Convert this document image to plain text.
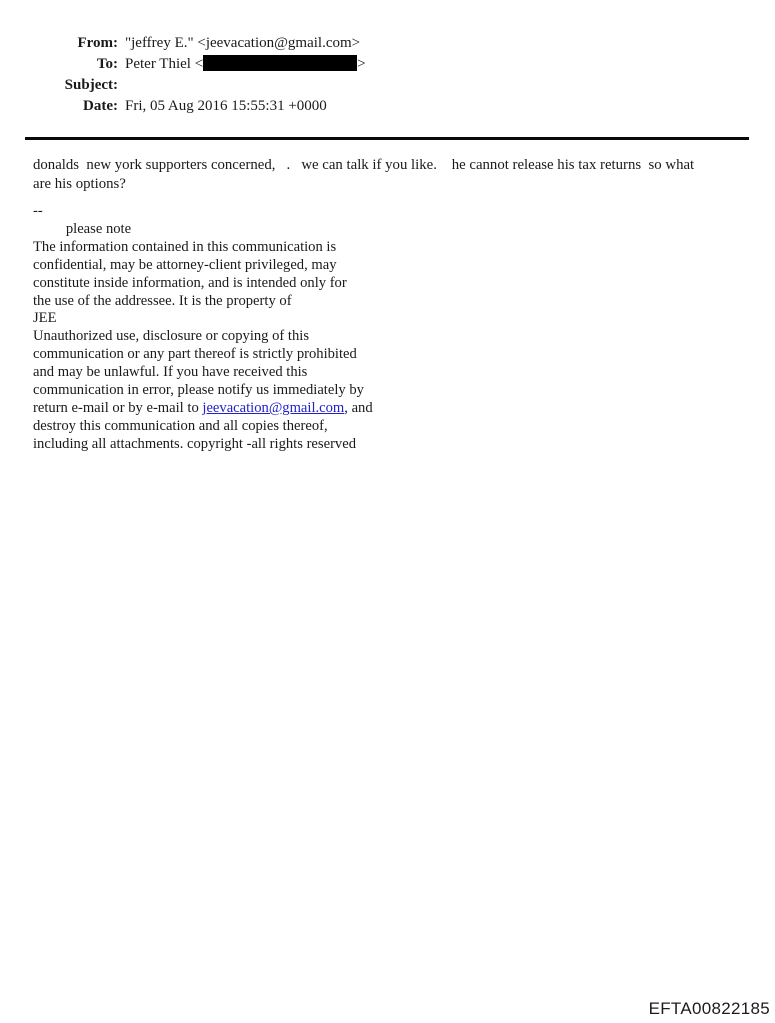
From: "jeffrey E." <jeevacation@gmail.com>
To: Peter Thiel <	>
Subject:
Date: Fri, 05 Aug 2016 15:55:31 +0000

donalds  new york supporters concerned,   .   we can talk if you like.    he cannot release his tax returns  so what
are his options?

--
please note
The information contained in this communication is
confidential, may be attorney-client privileged, may
constitute inside information, and is intended only for
the use of the addressee. It is the property of
JEE
Unauthorized use, disclosure or copying of this
communication or any part thereof is strictly prohibited
and may be unlawful. If you have received this
communication in error, please notify us immediately by
return e-mail or by e-mail to jeevacation@gmail.com, and
destroy this communication and all copies thereof,
including all attachments. copyright -all rights reserved

EFTA00822185
